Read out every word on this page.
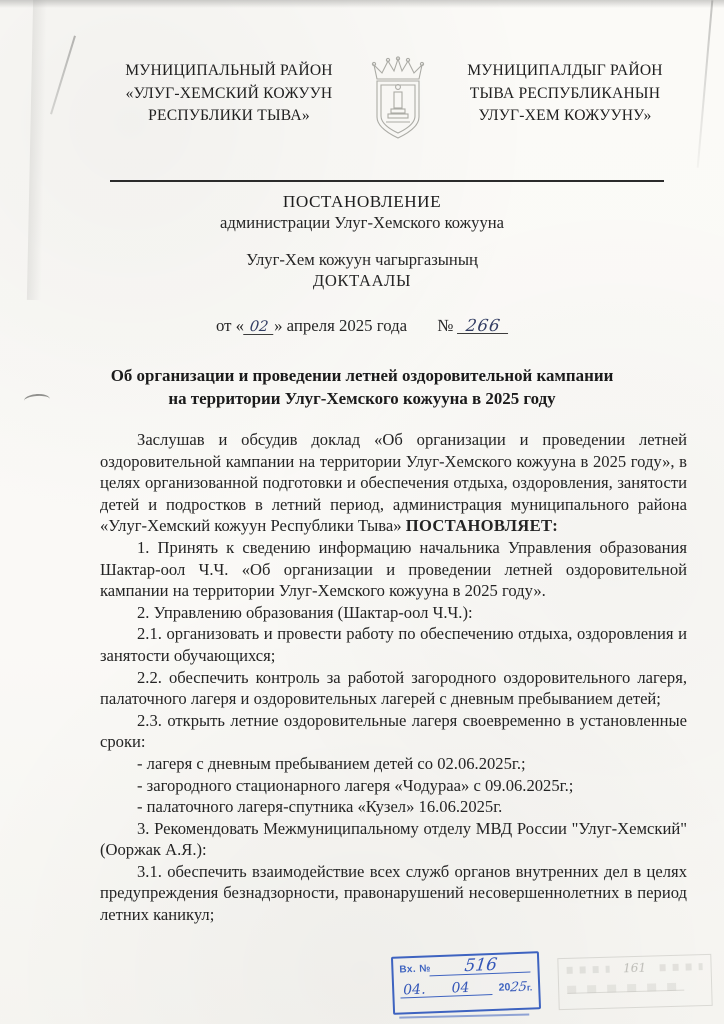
МУНИЦИПАЛЬНЫЙ РАЙОН
«УЛУГ-ХЕМСКИЙ КОЖУУН
РЕСПУБЛИКИ ТЫВА»
МУНИЦИПАЛДЫГ РАЙОН
ТЫВА РЕСПУБЛИКАНЫН
УЛУГ-ХЕМ КОЖУУНУ»
ПОСТАНОВЛЕНИЕ
администрации Улуг-Хемского кожууна
Улуг-Хем кожуун чагыргазының
ДОКТААЛЫ
от « 02 » апреля 2025 года № 266
Об организации и проведении летней оздоровительной кампании
на территории Улуг-Хемского кожууна в 2025 году

Заслушав и обсудив доклад «Об организации и проведении летней оздоровительной кампании на территории Улуг-Хемского кожууна в 2025 году», в целях организованной подготовки и обеспечения отдыха, оздоровления, занятости детей и подростков в летний период, администрация муниципального района «Улуг-Хемский кожуун Республики Тыва» ПОСТАНОВЛЯЕТ:

1. Принять к сведению информацию начальника Управления образования Шактар-оол Ч.Ч. «Об организации и проведении летней оздоровительной кампании на территории Улуг-Хемского кожууна в 2025 году».

2. Управлению образования (Шактар-оол Ч.Ч.):

2.1. организовать и провести работу по обеспечению отдыха, оздоровления и занятости обучающихся;

2.2. обеспечить контроль за работой загородного оздоровительного лагеря, палаточного лагеря и оздоровительных лагерей с дневным пребыванием детей;

2.3. открыть летние оздоровительные лагеря своевременно в установленные сроки:

- лагеря с дневным пребыванием детей со 02.06.2025г.;

- загородного стационарного лагеря «Чодураа» с 09.06.2025г.;

- палаточного лагеря-спутника «Кузел» 16.06.2025г.

3. Рекомендовать Межмуниципальному отделу МВД России "Улуг-Хемский" (Ооржак А.Я.):

3.1. обеспечить взаимодействие всех служб органов внутренних дел в целях предупреждения безнадзорности, правонарушений несовершеннолетних в период летних каникул;

Вх. №	516
04.	04	20
25
г.
161
